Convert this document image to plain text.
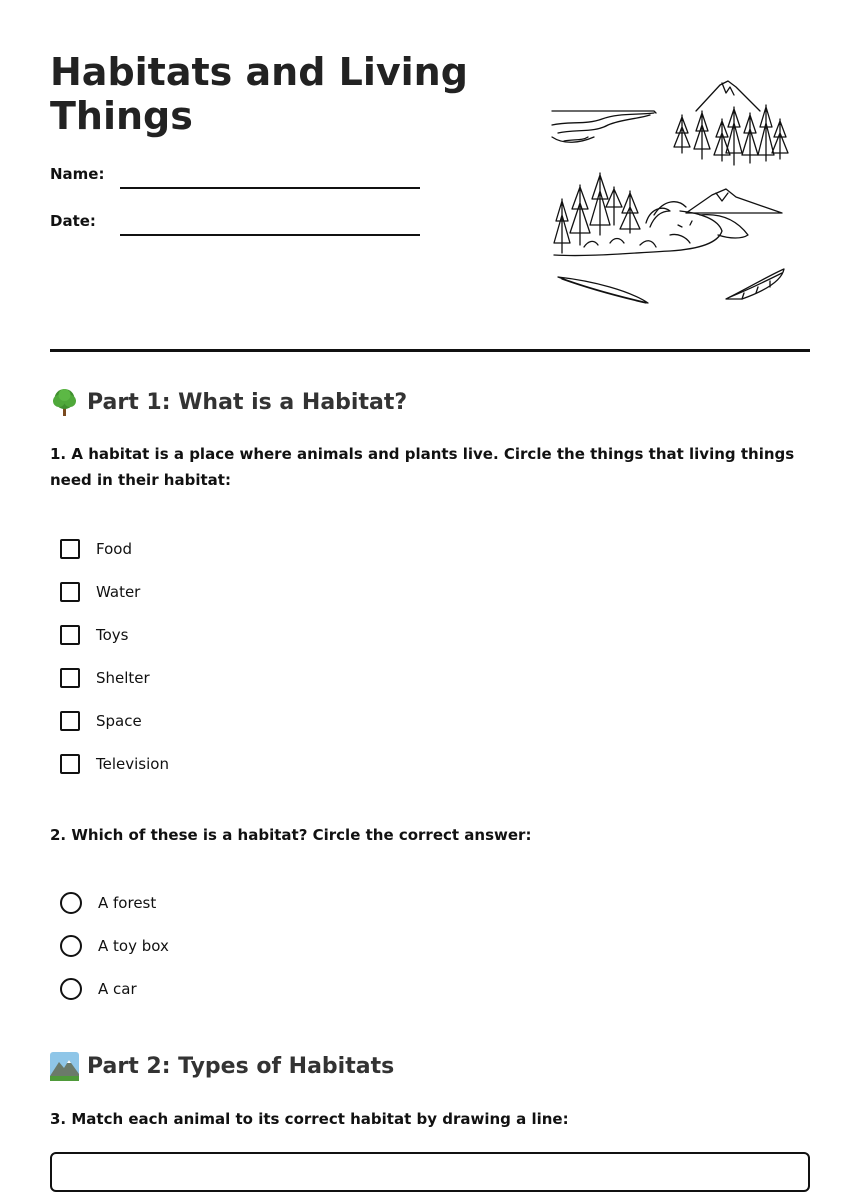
Habitats and Living Things
Name:
Date:
Part 1: What is a Habitat?
1. A habitat is a place where animals and plants live. Circle the things that living things need in their habitat:
Food
Water
Toys
Shelter
Space
Television
2. Which of these is a habitat? Circle the correct answer:
A forest
A toy box
A car
Part 2: Types of Habitats
3. Match each animal to its correct habitat by drawing a line:
